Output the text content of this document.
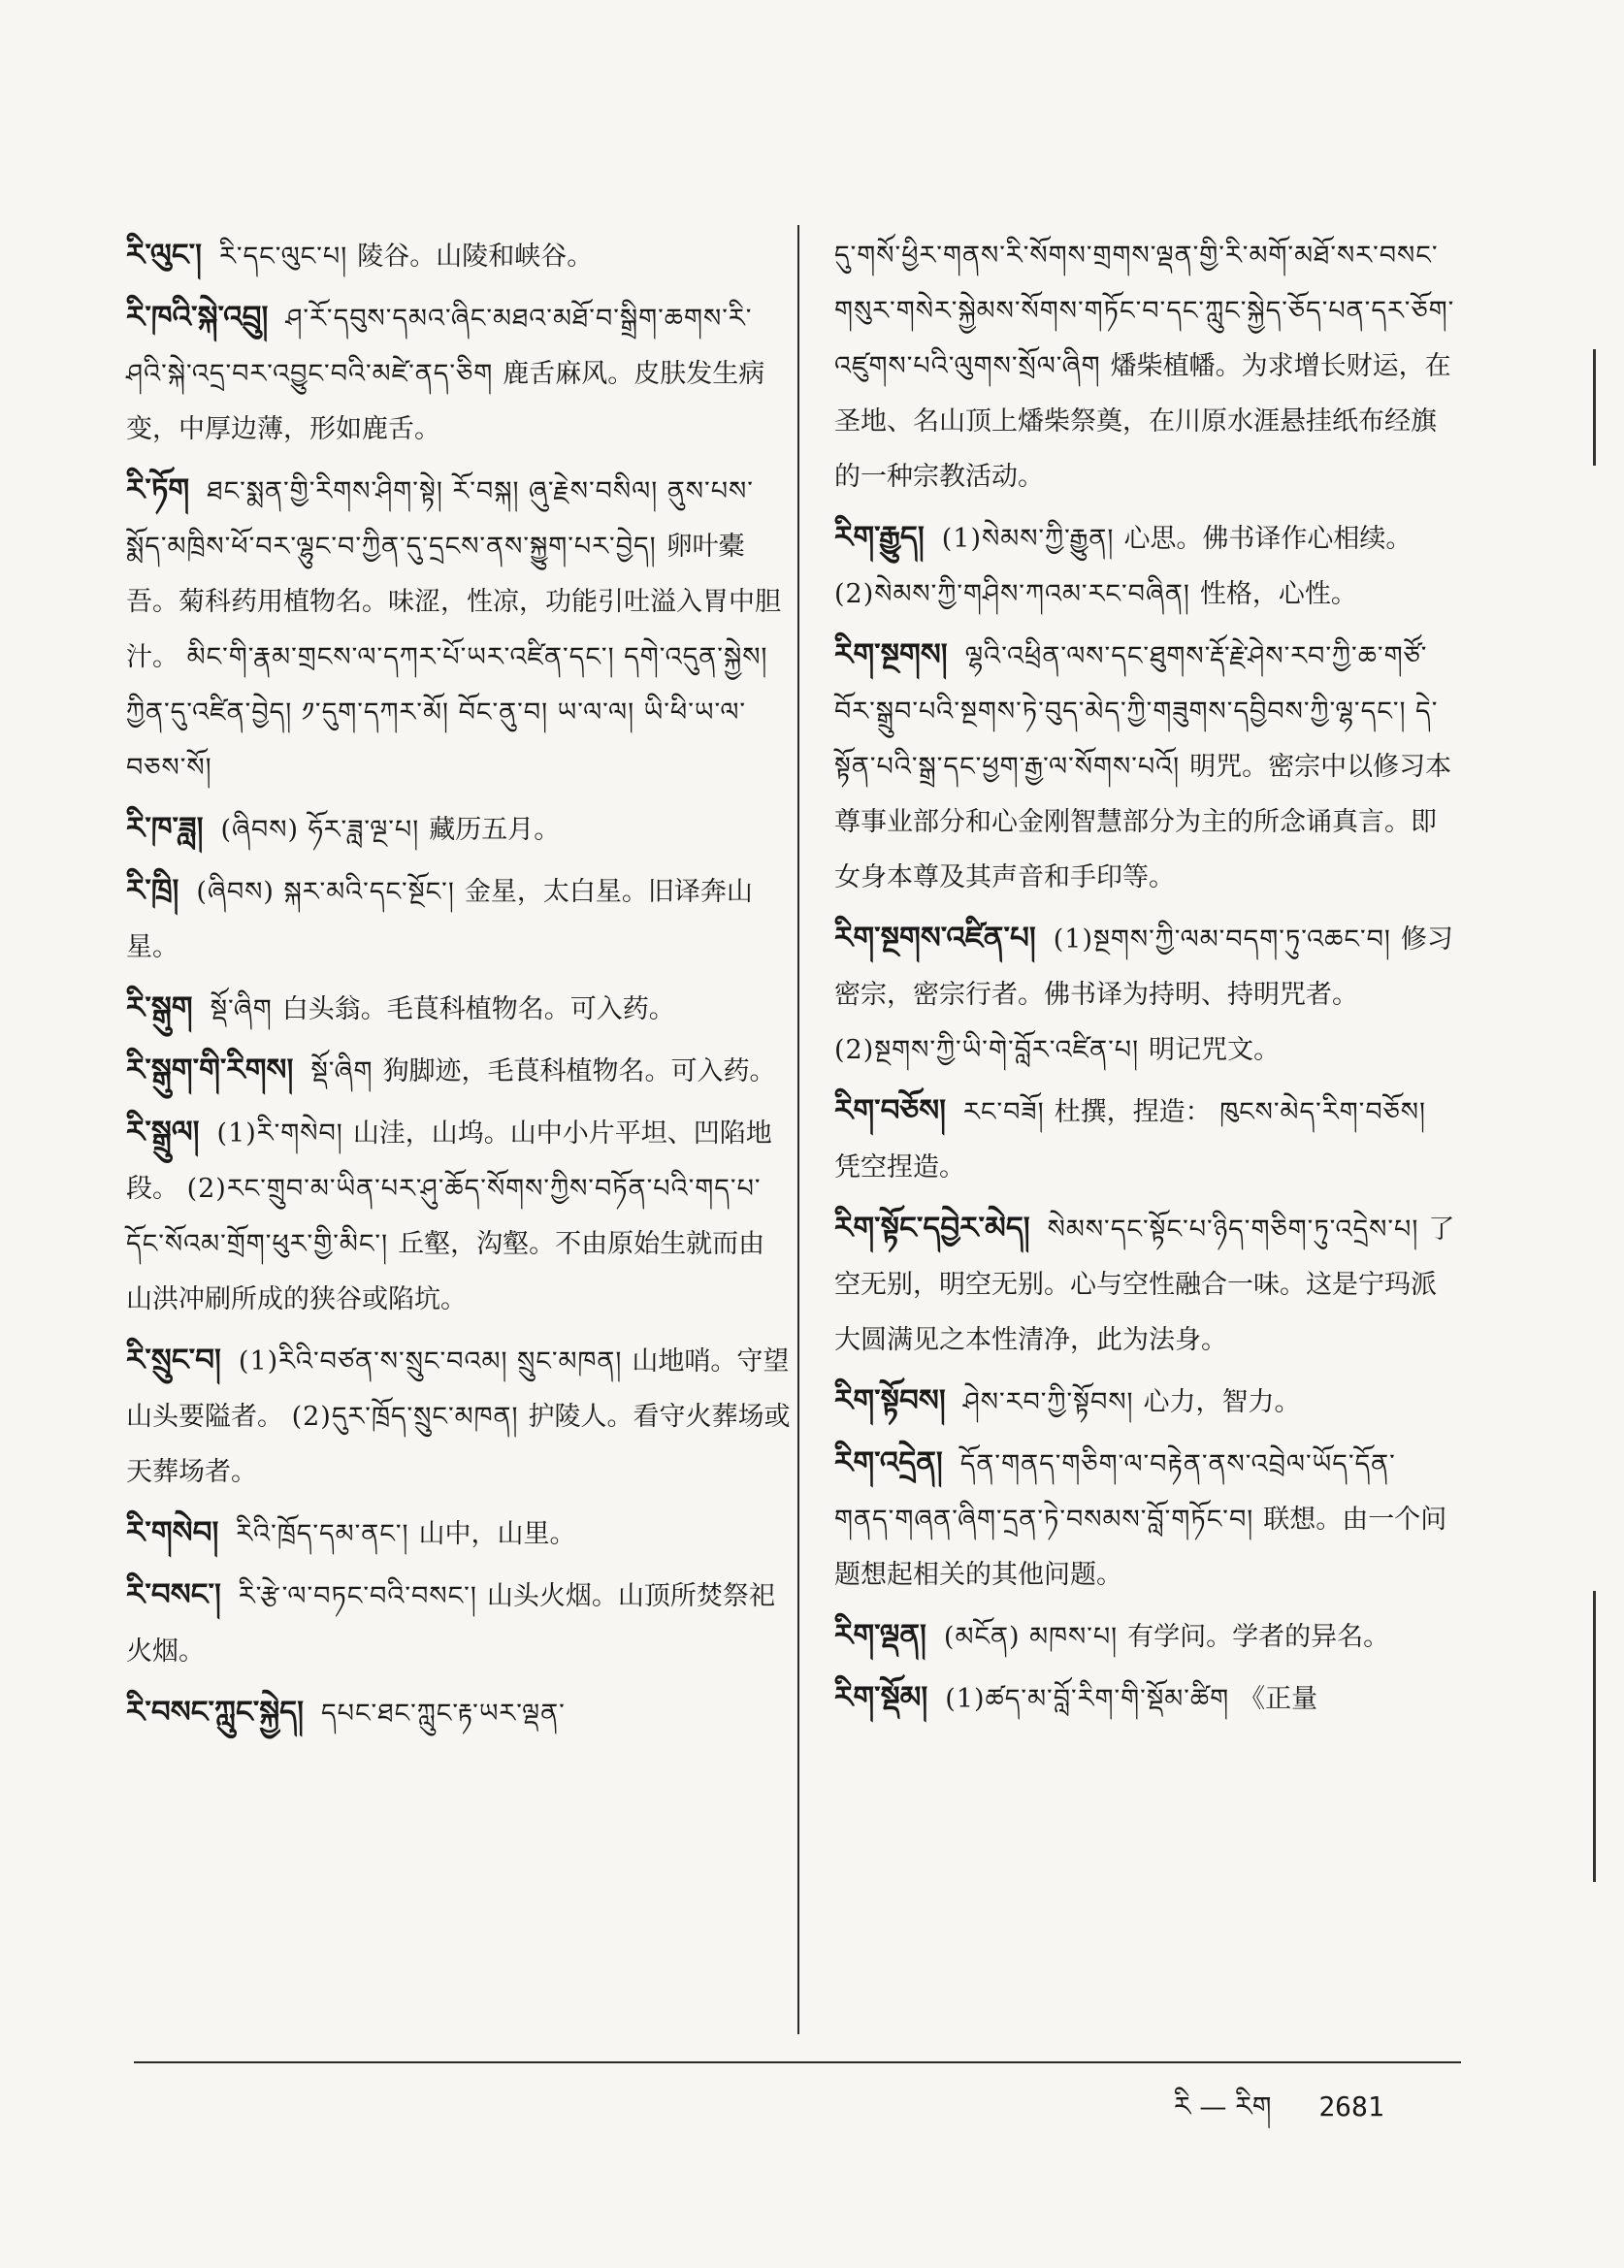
རི་ལུང་། རི་དང་ལུང་པ། 陵谷。山陵和峡谷。
རི་ཁའི་སྐེ་འབྲུ། ཤ་རོ་དབུས་དམའ་ཞིང་མཐའ་མཐོ་བ་སྒྲིག་ཆགས་རི་ཤའི་སྐེ་འདྲ་བར་འབྱུང་བའི་མཛེ་ནད་ཅིག 鹿舌麻风。皮肤发生病变，中厚边薄，形如鹿舌。
རི་ཏོག ཐང་སྨན་གྱི་རིགས་ཤིག་སྟེ། རོ་བསྐ། ཞུ་རྗེས་བསིལ། ནུས་པས་སྨོད་མཁྲིས་ཕོ་བར་ལྷུང་བ་ཀྱིན་དུ་དྲངས་ནས་སྐྱུག་པར་བྱེད། 卵叶橐吾。菊科药用植物名。味涩，性凉，功能引吐溢入胃中胆汁。 མིང་གི་རྣམ་གྲངས་ལ་དཀར་པོ་ཡར་འཛིན་དང་། དགེ་འདུན་སྐྱེས། ཀྱིན་དུ་འཛིན་བྱེད། ༡་དུག་དཀར་མོ། བོང་ནུ་བ། ཡ་ལ་ལ། ཡི་ཕི་ཡ་ལ་བཅས་སོ།
རི་ཁ་ཟླ། (ཞིབས) ཧོར་ཟླ་ལྔ་པ། 藏历五月。
རི་ཁྲི། (ཞིབས) སྐར་མའི་དང་སྔོང་། 金星，太白星。旧译奔山星。
རི་སྒུག སྡོ་ཞིག 白头翁。毛茛科植物名。可入药。
རི་སྒུག་གི་རིགས། སྡོ་ཞིག 狗脚迹，毛茛科植物名。可入药。
རི་སྒྲུལ། (1)རི་གསེབ། 山洼，山坞。山中小片平坦、凹陷地段。 (2)རང་གྲུབ་མ་ཡིན་པར་ཤུ་ཆོད་སོགས་ཀྱིས་བཏོན་པའི་གད་པ་དོང་སོའམ་གྲོག་ཕུར་གྱི་མིང་། 丘壑，沟壑。不由原始生就而由山洪冲刷所成的狭谷或陷坑。
རི་སྲུང་བ། (1)རིའི་བཙན་ས་སྲུང་བའམ། སྲུང་མཁན། 山地哨。守望山头要隘者。 (2)དུར་ཁྲོད་སྲུང་མཁན། 护陵人。看守火葬场或天葬场者。
རི་གསེབ། རིའི་ཁྲོད་དམ་ནང་། 山中，山里。
རི་བསང་། རི་རྩེ་ལ་བཏང་བའི་བསང་། 山头火烟。山顶所焚祭祀火烟。
རི་བསང་ཀླུང་སྐྱེད། དཔང་ཐང་ཀླུང་རྟ་ཡར་ལྡན་
དུ་གསོ་ཕྱིར་གནས་རི་སོགས་གྲགས་ལྡན་གྱི་རི་མགོ་མཐོ་སར་བསང་གསུར་གསེར་སྐྱེམས་སོགས་གཏོང་བ་དང་ཀླུང་སྐྱེད་ཅོད་པན་དར་ཅོག་འཛུགས་པའི་ལུགས་སྲོལ་ཞིག 燔柴植幡。为求增长财运，在圣地、名山顶上燔柴祭奠，在川原水涯悬挂纸布经旗的一种宗教活动。
རིག་རྒྱུད། (1)སེམས་ཀྱི་རྒྱུན། 心思。佛书译作心相续。 (2)སེམས་ཀྱི་གཤིས་ཀའམ་རང་བཞིན། 性格，心性。
རིག་སྔགས། ལྷའི་འཕྲིན་ལས་དང་ཐུགས་རྡོ་རྗེ་ཤེས་རབ་ཀྱི་ཆ་གཙོ་བོར་སྒྲུབ་པའི་སྔགས་ཏེ་བུད་མེད་ཀྱི་གཟུགས་དབྱིབས་ཀྱི་ལྷ་དང་། དེ་སྟོན་པའི་སྒྲ་དང་ཕྱག་རྒྱ་ལ་སོགས་པའོ། 明咒。密宗中以修习本尊事业部分和心金刚智慧部分为主的所念诵真言。即女身本尊及其声音和手印等。
རིག་སྔགས་འཛིན་པ། (1)སྔགས་ཀྱི་ལམ་བདག་ཏུ་འཆང་བ། 修习密宗，密宗行者。佛书译为持明、持明咒者。 (2)སྔགས་ཀྱི་ཡི་གེ་བློར་འཛིན་པ། 明记咒文。
རིག་བཅོས། རང་བཟོ། 杜撰，捏造： ཁུངས་མེད་རིག་བཅོས།凭空捏造。
རིག་སྟོང་དབྱེར་མེད། སེམས་དང་སྟོང་པ་ཉིད་གཅིག་ཏུ་འདྲེས་པ། 了空无别，明空无别。心与空性融合一味。这是宁玛派大圆满见之本性清净，此为法身。
རིག་སྟོབས། ཤེས་རབ་ཀྱི་སྟོབས། 心力，智力。
རིག་འདྲེན། དོན་གནད་གཅིག་ལ་བརྟེན་ནས་འབྲེལ་ཡོད་དོན་གནད་གཞན་ཞིག་དྲན་ཏེ་བསམས་བློ་གཏོང་བ། 联想。由一个问题想起相关的其他问题。
རིག་ལྡན། (མངོན) མཁས་པ། 有学问。学者的异名。
རིག་སྡོམ། (1)ཚད་མ་བློ་རིག་གི་སྡོམ་ཚིག 《正量
རི — རིག 2681
